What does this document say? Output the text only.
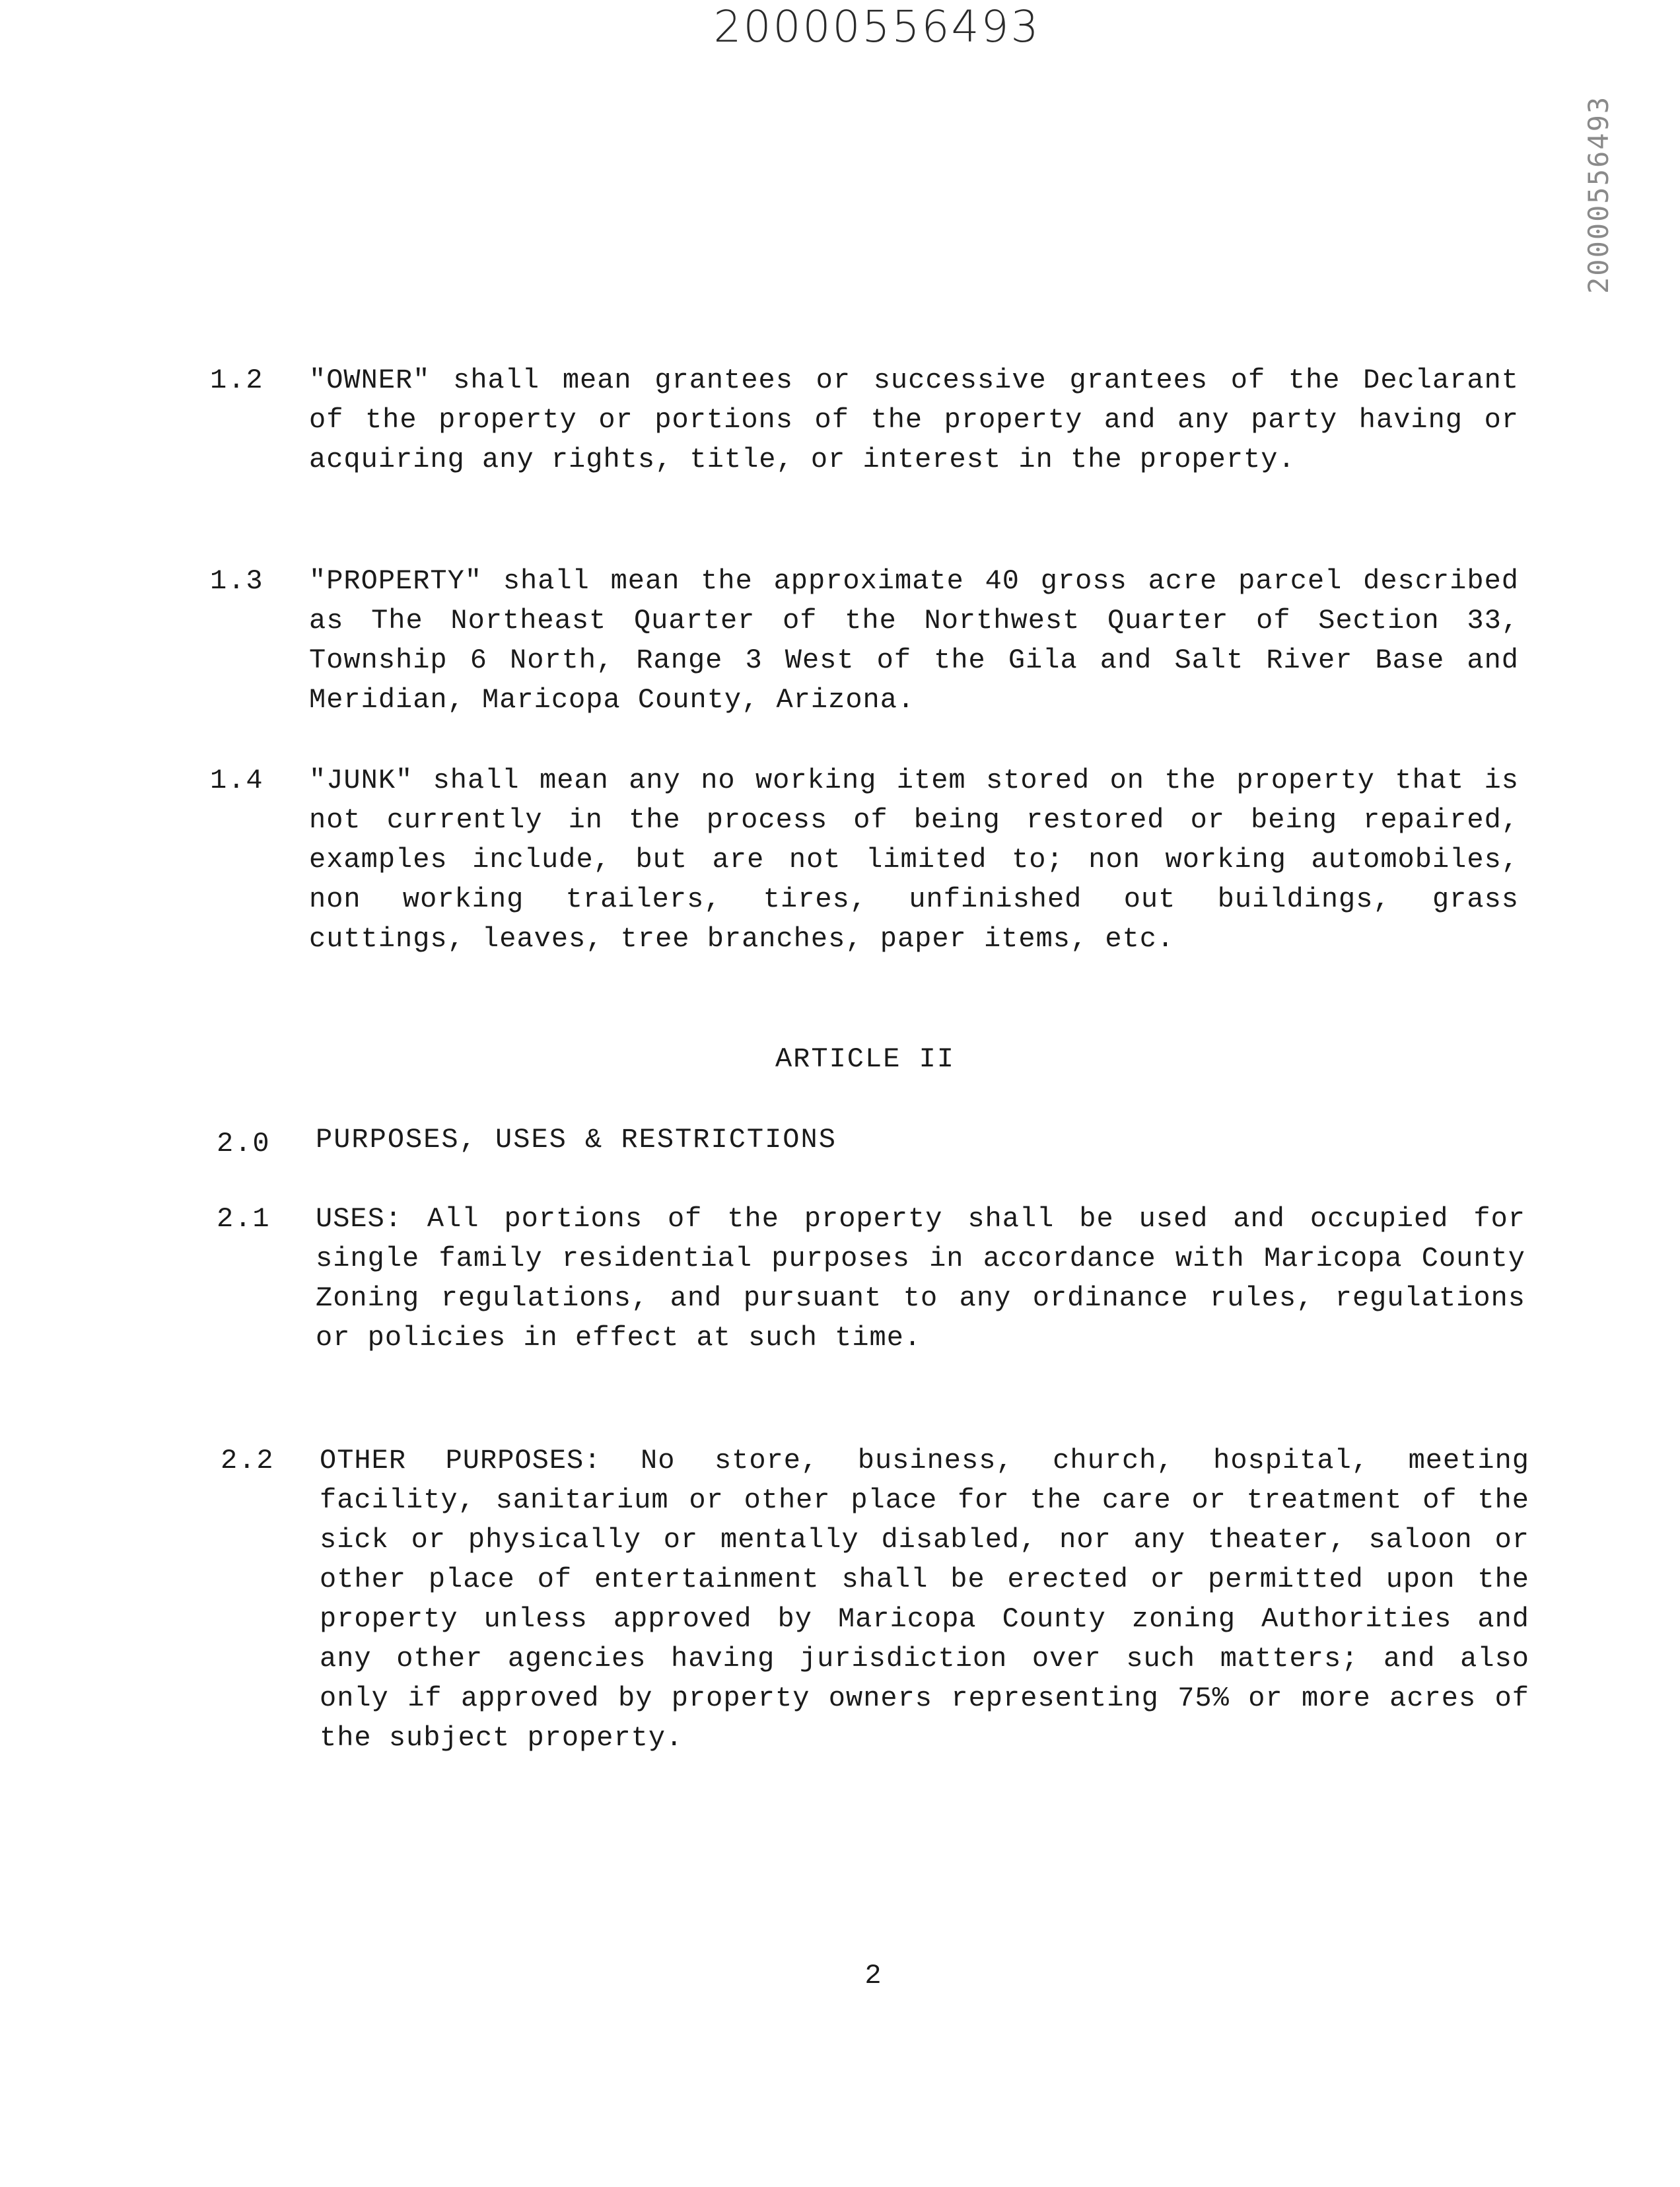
20000556493
20000556493
1.2 "OWNER" shall mean grantees or successive grantees of the Declarant of the property or portions of the property and any party having or acquiring any rights, title, or interest in the property.
1.3 "PROPERTY" shall mean the approximate 40 gross acre parcel described as The Northeast Quarter of the Northwest Quarter of Section 33, Township 6 North, Range 3 West of the Gila and Salt River Base and Meridian, Maricopa County, Arizona.
1.4 "JUNK" shall mean any no working item stored on the property that is not currently in the process of being restored or being repaired, examples include, but are not limited to; non working automobiles, non working trailers, tires, unfinished out buildings, grass cuttings, leaves, tree branches, paper items, etc.
ARTICLE II
2.0 PURPOSES, USES & RESTRICTIONS
2.1 USES: All portions of the property shall be used and occupied for single family residential purposes in accordance with Maricopa County Zoning regulations, and pursuant to any ordinance rules, regulations or policies in effect at such time.
2.2 OTHER PURPOSES: No store, business, church, hospital, meeting facility, sanitarium or other place for the care or treatment of the sick or physically or mentally disabled, nor any theater, saloon or other place of entertainment shall be erected or permitted upon the property unless approved by Maricopa County zoning Authorities and any other agencies having jurisdiction over such matters; and also only if approved by property owners representing 75% or more acres of the subject property.
2
